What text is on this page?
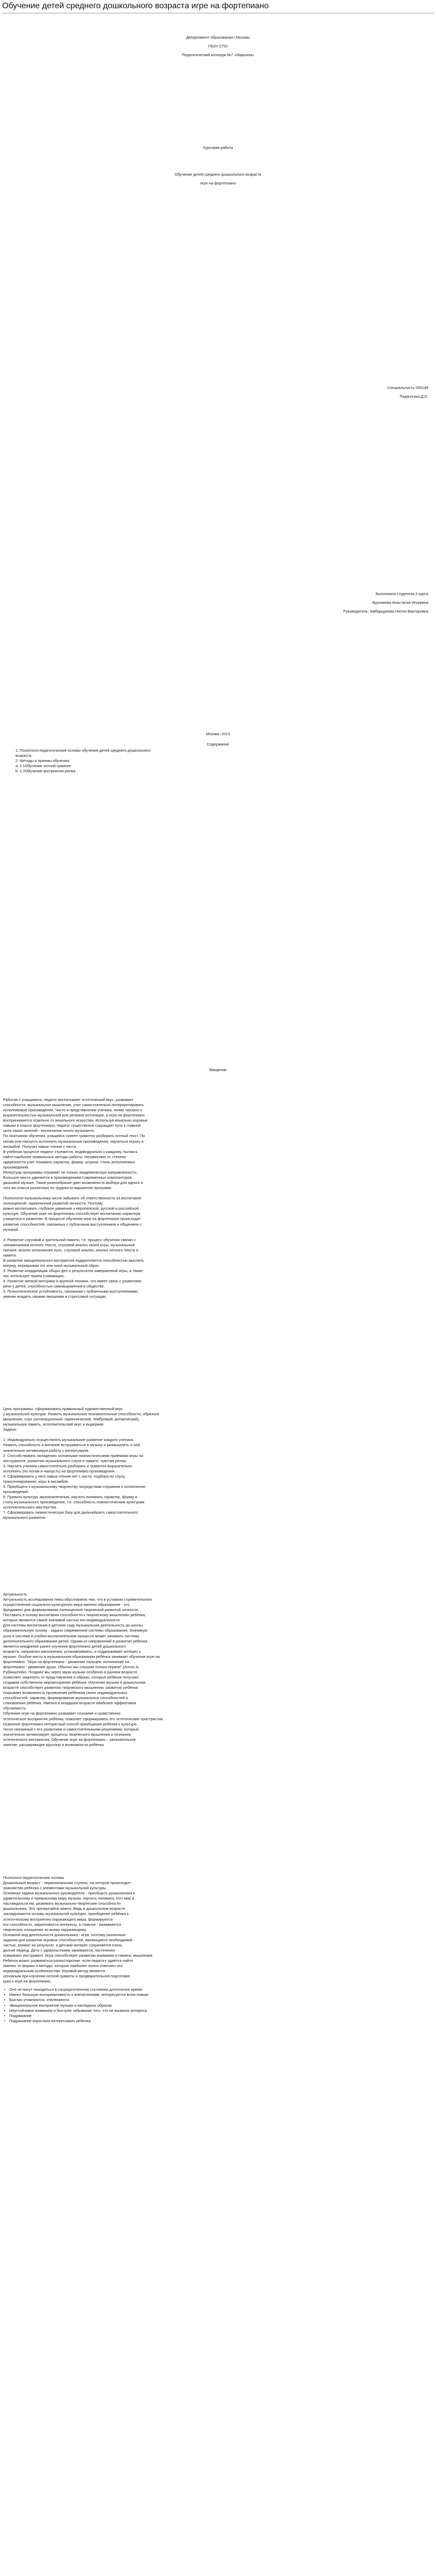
Обучение детей среднего дошкольного возраста игре на фортепиано

Департамент образования г.Москвы

ГБОУ СПО

Педагогический колледж №7 «Марьина»

Курсовая работа

Обучение детей среднего дошкольного возраста

игре на фортепиано

Специальность 050148

Педагогика Д.О.

Выполнила студентка 2 курса

Бурлакова Анастасия Игоревна

Руководитель: Амбарцумова Нелли Викторовна

Москва -2013

Содержание

1. Психолого-педагогические основы обучения детей среднего дошкольного

возраста.

2. Методы и приемы обучения.

a. 2.1Обучение нотной грамоте

b. 2.2Обучение восприятия ритма

Введение

Работая с учащимися, педагог воспитывает эстетический вкус, развивает

способности, музыкальное мышление, учит самостоятельно интерпретировать

исполняемые произведения. Чисто в представлении ученика, пение связано с

выразительностью музыкальной или речевой интонации, а игра на фортепиано

воспринимается отдельно от вокального искусства. Используя вокально-хоровые

навыки в классе фортепиано, педагог существенно сокращает путь к главной

цели своих занятий - воспитанию юного музыканта.

По окончании обучения, учащийся сумеет грамотно разбирать нотный текст. По

нотам или наизусть исполнить музыкальные произведения, научиться играть в

ансамбле. Получит навык чтения с листа.

В учебном процессе педагог стремится, индивидуально к каждому, пытаясь

найти наиболее правильные методы работы. Независимо от степени

одаренности учит понимать характер, форму, штрихи, стиль исполняемых

произведений.

Репертуар программы отражает не только академическую направленность.

Большое место уделяется в произведениям современных композиторов,

джазовой музыке. Такое разнообразие дает возможность выбора для одного и

того же класса различных по трудности вариантов программ.

Психологоп музыкальному числе забывать об ответственности за воспитание

полноценной, гармоничной развитой личности. Поэтому

важно воспитывать глубокое уважение к европейской, русской и российской

культуре. Обучение игре на фортепиано способствует воспитанию характера

учащегося и развитию. В процессе обучения игре на фортепиано происходит

развитие способностей, связанных с публичным выступлением и общением с

музыкой.

3. Развитие слуховой и зрительной памяти, т.е. процесс обучения связан с

запоминанием нотного текста, слуховой анализ своей игры, музыкальный

тренинг, анализ исполнения пьес, слуховой анализ, анализ нотного текста и

памяти.

В развитие эмоционального восприятия подкрепляется способностью мыслить

вперед, перекрывая тот или иной музыкальный образ.

3. Развитие координации общих дел и результатов завершенной игры, а также

ног, использует прием плавающих.

4. Развитие мелкой моторики и крупной техники, что имеет связь с развитием

речи у детей, способностью самовыражения в обществе.

5. Психологическое устойчивость, связанная с публичными выступлениями,

умение владеть своими эмоциями в стрессовой ситуации.

Цель программы: сформировать правильный художественный вкус

у музыкальной культуре. Развить музыкальные познавательные способности, образное

мышление, слух (интонационный, гармонический, тембровый, ритмический),

музыкальную память, исполнительский вкус и выдержки.

Задачи:

1. Индивидуально осуществлять музыкальное развитие каждого ученика.

Развить способность и желание вслушиваться в музыку и размышлять о ней,

значительно активизируя работу с репертуаром.

2. Способствовать овладению основными пианистическими приёмами игры на

инструменте, развитию музыкального слуха и памяти, чувства ритма.

3. Научить ученика самостоятельно разбирать и грамотно выразительно

исполнять (по нотам и наизусть) на фортепиано произведения.

4. Сформировать у него навык чтения нот с листа, подбора по слуху,

транспонирования, игры в ансамбле.

5. Приобщить к музыкальному творчеству посредствам слушания и исполнения

произведений.

6. Привить культуру звукоизвлечения, научить понимать характер, форму и

стиль музыкального произведения, т.е. способность пианистическим культурам

исполнительского мастерства.

7. Сформировать пианистическую базу для дальнейшего самостоятельного

музыкального развития.

Актуальность

Актуальность исследования темы обусловлена тем, что в условиях стремительного

осуществления социально-культурного мира именно образование - это

фундамент для формирования полноценной творческой развитой личности.

Поставить в основу воспитания способности к творческому мышлению ребёнка,

которые являются самой значимой частью его индивидуальности.

Для системы воспитания в детском саду музыкальная деятельность до школы

образовательную основу - задачи современной системы образования. Значимую

роль в системе в учебно-воспитательном процессе может занимать система

дополнительного образования детей. Одним из направлений в развитии ребенка

является внедрение ранее изучения фортепиано детей дошкольного

возраста, направлен наполнения, устанавливаясь, и поддерживает интерес к

музыке. Особое место в музыкальном образовании ребёнка занимает обучение игре на

фортепиано. "Игра на фортепиано - движение пальцев; исполнение на

фортепиано - движение души. Обычно мы слышим только первое" (Антон А.

Рубинштейн). Позднее мы через звуки музыки особенно в раннем возрасте

позволяет закрепить те представления и образы, которые ребёнок получает,

создавая собственное мировоззрение ребёнка. Изучение музыки в дошкольном

возрасте способствует развитию творческого мышления, развитию ребёнка

открывает возможность проявления ребёнком своих индивидуальных

способностей, характер, формирование музыкальных способностей и

становление ребёнка. Именно в младшем возрасте наиболее эффективна

обучаемость.

Обучения игре на фортепиано развивает сознание и нравственно-

эстетическое восприятие ребёнка, помогает сформировать его эстетические пристрастия.

Освоение фортепиано интересный способ приобщения ребёнка к культуре,

тесно связанный с его развитием и самостоятельными решениями, который

значительно активизирует процессы творческого мышления и познания,

эстетического восприятия. Обучение игре на фортепиано – увлекательное

занятие, расширяющее кругозор и возможности ребёнка.

Психолого-педагогические основы

Дошкольный возраст - первоначальная ступень, на которой происходит

знакомство ребенка с элементами музыкальной культуры.

Основная задача музыкального руководителя - приобщить дошкольника к

удивительному и прекрасному миру музыки, научить понимать этот мир и

наслаждаться им, развивать музыкально-творческие способности

дошкольника. Это чрезвычайно важно. Ведь в дошкольном возрасте

закладываются основы музыкальной культуры, приобщение ребёнка к

эстетическому восприятию окружающего мира, формируются

его способности, закрепляются интересы, а главное - развивается

творческое отношение ко всему окружающему.

Основной вид деятельности дошкольника - игра, поэтому различные

задания для развития игровых способностей, являющиеся необходимой

частью, влияют на результат, а детский интерес сохраняется очень

долгий период. Дети с удовольствием занимаются, постепенно

осваивают инструмент. Игра способствует развитию внимания и памяти, мышления.

Ребенок может развиваться разносторонне, если педагогу удаётся найти

именно те формы и методы, которые наиболее полно отвечают его

индивидуальным особенностям. Игровой метод является

основным при изучении нотной грамоты и предварительной подготовке

руки к игре на фортепиано.

• Оне не могут находиться в сосредоточенном состоянии длительное время
• Имеют большую восприимчивость к впечатлениям, интересуются всем новым
• Быстро утомляются, отвлекаются
• Эмоциональное восприятие музыки и наглядных образов
• Неустойчивое внимание и быстрое забывание того, что не вызвало интереса
• Подражание
• Подражание взрослым интересовать ребенка
